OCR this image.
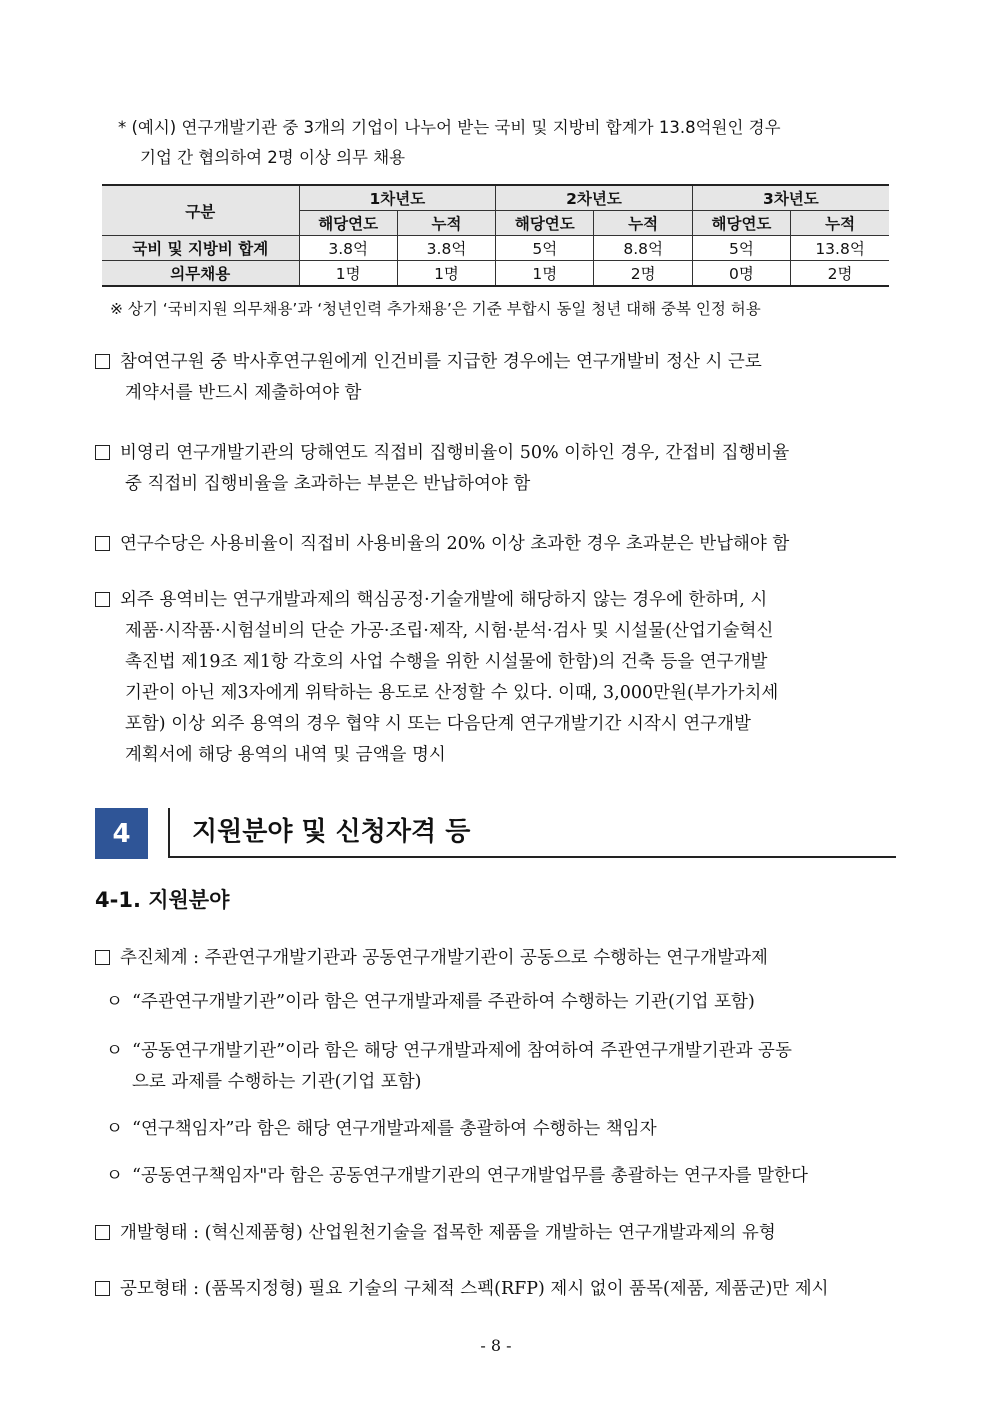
* (예시) 연구개발기관 중 3개의 기업이 나누어 받는 국비 및 지방비 합계가 13.8억원인 경우
기업 간 협의하여 2명 이상 의무 채용
구분	1차년도		2차년도		3차년도	
	해당연도	누적	해당연도	누적	해당연도	누적
국비 및 지방비 합계	3.8억	3.8억	5억	8.8억	5억	13.8억
의무채용	1명	1명	1명	2명	0명	2명
※ 상기 ‘국비지원 의무채용’과 ‘청년인력 추가채용’은 기준 부합시 동일 청년 대해 중복 인정 허용
참여연구원 중 박사후연구원에게 인건비를 지급한 경우에는 연구개발비 정산 시 근로
계약서를 반드시 제출하여야 함
비영리 연구개발기관의 당해연도 직접비 집행비율이 50% 이하인 경우, 간접비 집행비율
중 직접비 집행비율을 초과하는 부분은 반납하여야 함
연구수당은 사용비율이 직접비 사용비율의 20% 이상 초과한 경우 초과분은 반납해야 함
외주 용역비는 연구개발과제의 핵심공정·기술개발에 해당하지 않는 경우에 한하며, 시
제품·시작품·시험설비의 단순 가공·조립·제작, 시험·분석·검사 및 시설물(산업기술혁신
촉진법 제19조 제1항 각호의 사업 수행을 위한 시설물에 한함)의 건축 등을 연구개발
기관이 아닌 제3자에게 위탁하는 용도로 산정할 수 있다. 이때, 3,000만원(부가가치세
포함) 이상 외주 용역의 경우 협약 시 또는 다음단계 연구개발기간 시작시 연구개발
계획서에 해당 용역의 내역 및 금액을 명시
4	지원분야 및 신청자격 등
4-1. 지원분야
추진체계 : 주관연구개발기관과 공동연구개발기관이 공동으로 수행하는 연구개발과제
ㅇ “주관연구개발기관”이라 함은 연구개발과제를 주관하여 수행하는 기관(기업 포함)
ㅇ “공동연구개발기관”이라 함은 해당 연구개발과제에 참여하여 주관연구개발기관과 공동
으로 과제를 수행하는 기관(기업 포함)
ㅇ “연구책임자”라 함은 해당 연구개발과제를 총괄하여 수행하는 책임자
ㅇ “공동연구책임자"라 함은 공동연구개발기관의 연구개발업무를 총괄하는 연구자를 말한다
개발형태 : (혁신제품형) 산업원천기술을 접목한 제품을 개발하는 연구개발과제의 유형
공모형태 : (품목지정형) 필요 기술의 구체적 스펙(RFP) 제시 없이 품목(제품, 제품군)만 제시
- 8 -
